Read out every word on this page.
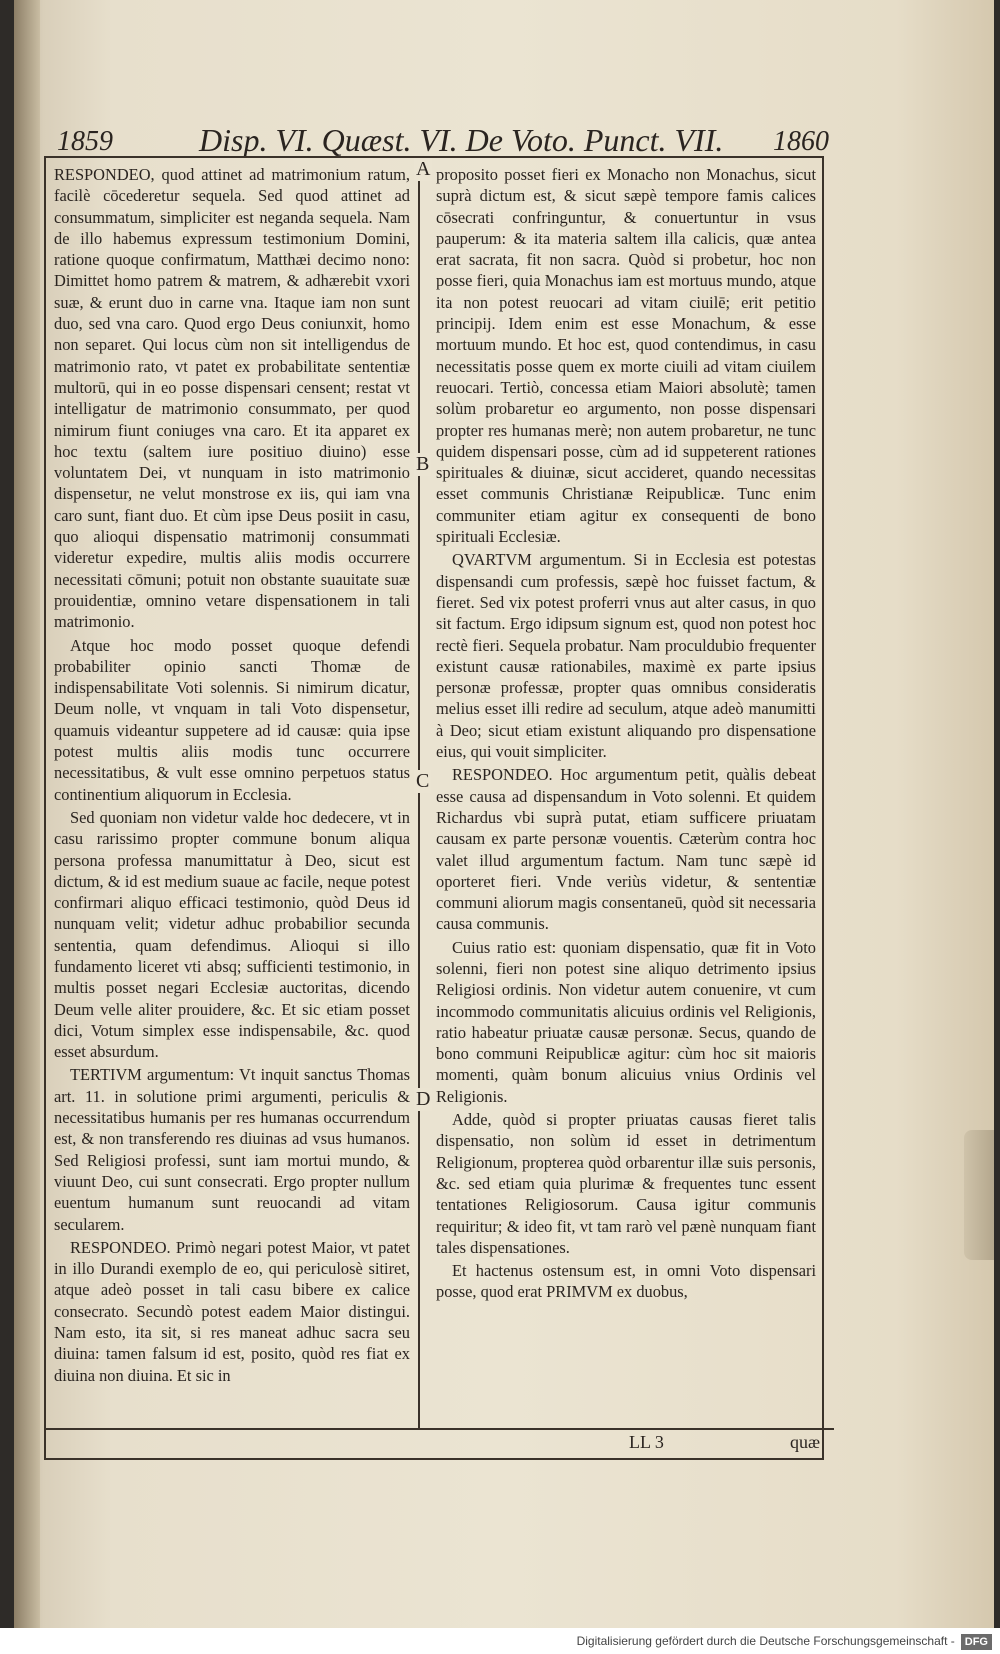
1859	Disp. VI. Quæst. VI. De Voto. Punct. VII. 1860

RESPONDEO, quod attinet ad matrimonium ratum, facilè cōcederetur sequela. Sed quod attinet ad consummatum, simpliciter est neganda sequela. Nam de illo habemus expressum testimonium Domini, ratione quoque confirmatum, Matthæi decimo nono: Dimittet homo patrem & matrem, & adhærebit vxori suæ, & erunt duo in carne vna. Itaque iam non sunt duo, sed vna caro. Quod ergo Deus coniunxit, homo non separet. Qui locus cùm non sit intelligendus de matrimonio rato, vt patet ex probabilitate sententiæ multorū, qui in eo posse dispensari censent; restat vt intelligatur de matrimonio consummato, per quod nimirum fiunt coniuges vna caro. Et ita apparet ex hoc textu (saltem iure positiuo diuino) esse voluntatem Dei, vt nunquam in isto matrimonio dispensetur, ne velut monstrose ex iis, qui iam vna caro sunt, fiant duo. Et cùm ipse Deus posiit in casu, quo alioqui dispensatio matrimonij consummati videretur expedire, multis aliis modis occurrere necessitati cōmuni; potuit non obstante suauitate suæ prouidentiæ, omnino vetare dispensationem in tali matrimonio.

Atque hoc modo posset quoque defendi probabiliter opinio sancti Thomæ de indispensabilitate Voti solennis. Si nimirum dicatur, Deum nolle, vt vnquam in tali Voto dispensetur, quamuis videantur suppetere ad id causæ: quia ipse potest multis aliis modis tunc occurrere necessitatibus, & vult esse omnino perpetuos status continentium aliquorum in Ecclesia.

Sed quoniam non videtur valde hoc dedecere, vt in casu rarissimo propter commune bonum aliqua persona professa manumittatur à Deo, sicut est dictum, & id est medium suaue ac facile, neque potest confirmari aliquo efficaci testimonio, quòd Deus id nunquam velit; videtur adhuc probabilior secunda sententia, quam defendimus. Alioqui si illo fundamento liceret vti absq; sufficienti testimonio, in multis posset negari Ecclesiæ auctoritas, dicendo Deum velle aliter prouidere, &c. Et sic etiam posset dici, Votum simplex esse indispensabile, &c. quod esset absurdum.

TERTIVM argumentum: Vt inquit sanctus Thomas art. 11. in solutione primi argumenti, periculis & necessitatibus humanis per res humanas occurrendum est, & non transferendo res diuinas ad vsus humanos. Sed Religiosi professi, sunt iam mortui mundo, & viuunt Deo, cui sunt consecrati. Ergo propter nullum euentum humanum sunt reuocandi ad vitam secularem.

RESPONDEO. Primò negari potest Maior, vt patet in illo Durandi exemplo de eo, qui periculosè sitiret, atque adeò posset in tali casu bibere ex calice consecrato. Secundò potest eadem Maior distingui. Nam esto, ita sit, si res maneat adhuc sacra seu diuina: tamen falsum id est, posito, quòd res fiat ex diuina non diuina. Et sic in

proposito posset fieri ex Monacho non Monachus, sicut suprà dictum est, & sicut sæpè tempore famis calices cōsecrati confringuntur, & conuertuntur in vsus pauperum: & ita materia saltem illa calicis, quæ antea erat sacrata, fit non sacra. Quòd si probetur, hoc non posse fieri, quia Monachus iam est mortuus mundo, atque ita non potest reuocari ad vitam ciuilē; erit petitio principij. Idem enim est esse Monachum, & esse mortuum mundo. Et hoc est, quod contendimus, in casu necessitatis posse quem ex morte ciuili ad vitam ciuilem reuocari. Tertiò, concessa etiam Maiori absolutè; tamen solùm probaretur eo argumento, non posse dispensari propter res humanas merè; non autem probaretur, ne tunc quidem dispensari posse, cùm ad id suppeterent rationes spirituales & diuinæ, sicut accideret, quando necessitas esset communis Christianæ Reipublicæ. Tunc enim communiter etiam agitur ex consequenti de bono spirituali Ecclesiæ.

QVARTVM argumentum. Si in Ecclesia est potestas dispensandi cum professis, sæpè hoc fuisset factum, & fieret. Sed vix potest proferri vnus aut alter casus, in quo sit factum. Ergo idipsum signum est, quod non potest hoc rectè fieri. Sequela probatur. Nam proculdubio frequenter existunt causæ rationabiles, maximè ex parte ipsius personæ professæ, propter quas omnibus consideratis melius esset illi redire ad seculum, atque adeò manumitti à Deo; sicut etiam existunt aliquando pro dispensatione eius, qui vouit simpliciter.

RESPONDEO. Hoc argumentum petit, quàlis debeat esse causa ad dispensandum in Voto solenni. Et quidem Richardus vbi suprà putat, etiam sufficere priuatam causam ex parte personæ vouentis. Cæterùm contra hoc valet illud argumentum factum. Nam tunc sæpè id oporteret fieri. Vnde veriùs videtur, & sententiæ communi aliorum magis consentaneū, quòd sit necessaria causa communis.

Cuius ratio est: quoniam dispensatio, quæ fit in Voto solenni, fieri non potest sine aliquo detrimento ipsius Religiosi ordinis. Non videtur autem conuenire, vt cum incommodo communitatis alicuius ordinis vel Religionis, ratio habeatur priuatæ causæ personæ. Secus, quando de bono communi Reipublicæ agitur: cùm hoc sit maioris momenti, quàm bonum alicuius vnius Ordinis vel Religionis.

Adde, quòd si propter priuatas causas fieret talis dispensatio, non solùm id esset in detrimentum Religionum, propterea quòd orbarentur illæ suis personis, &c. sed etiam quia plurimæ & frequentes tunc essent tentationes Religiosorum. Causa igitur communis requiritur; & ideo fit, vt tam rarò vel pænè nunquam fiant tales dispensationes.

Et hactenus ostensum est, in omni Voto dispensari posse, quod erat PRIMVM ex duobus,

A
B
C
D
LL 3	quæ
Digitalisierung gefördert durch die Deutsche Forschungsgemeinschaft - DFG
